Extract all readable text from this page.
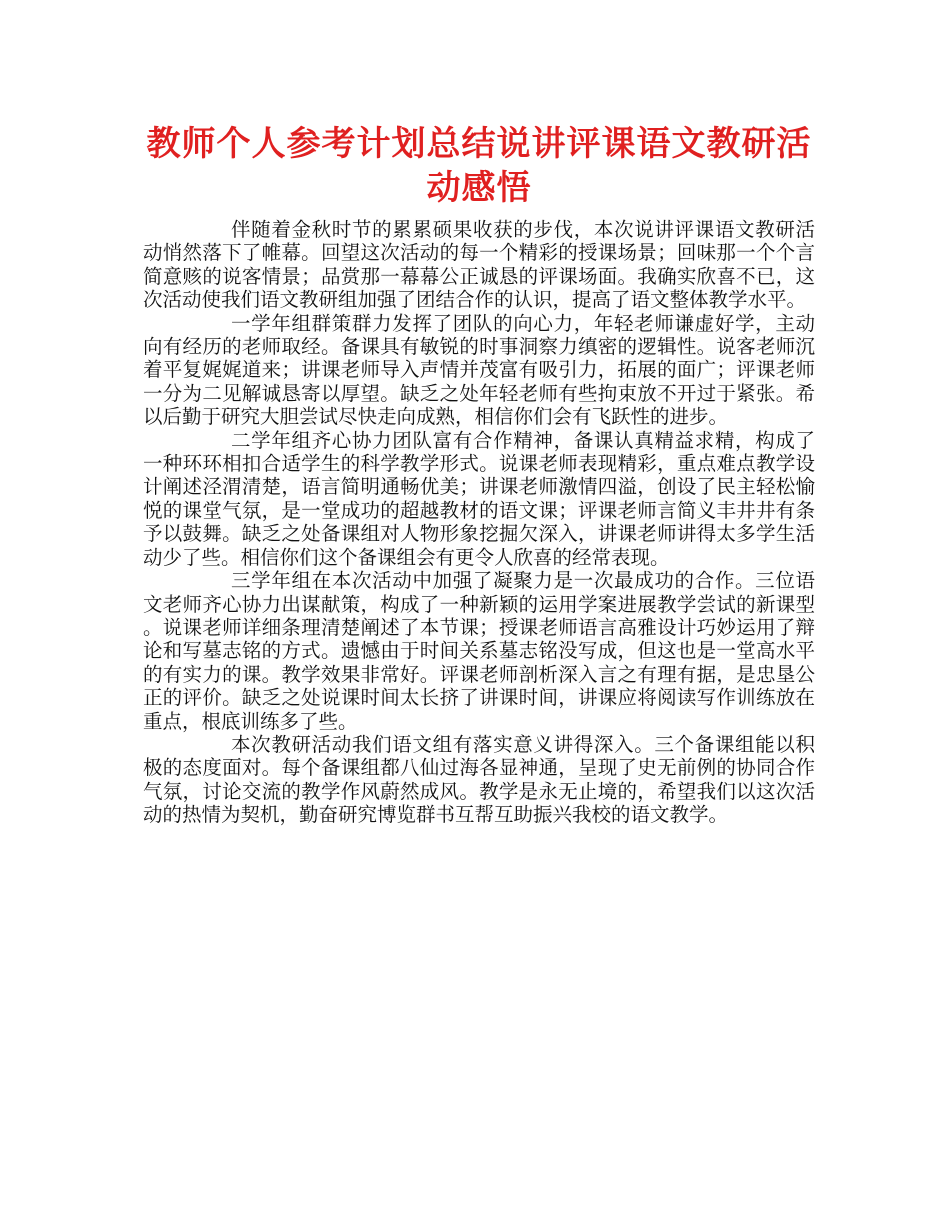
教师个人参考计划总结说讲评课语文教研活动感悟

伴随着金秋时节的累累硕果收获的步伐，本次说讲评课语文教研活动悄然落下了帷幕。回望这次活动的每一个精彩的授课场景；回味那一个个言简意赅的说客情景；品赏那一幕幕公正诚恳的评课场面。我确实欣喜不已，这次活动使我们语文教研组加强了团结合作的认识，提高了语文整体教学水平。

一学年组群策群力发挥了团队的向心力，年轻老师谦虚好学，主动向有经历的老师取经。备课具有敏锐的时事洞察力缜密的逻辑性。说客老师沉着平复娓娓道来；讲课老师导入声情并茂富有吸引力，拓展的面广；评课老师一分为二见解诚恳寄以厚望。缺乏之处年轻老师有些拘束放不开过于紧张。希以后勤于研究大胆尝试尽快走向成熟，相信你们会有飞跃性的进步。

二学年组齐心协力团队富有合作精神，备课认真精益求精，构成了一种环环相扣合适学生的科学教学形式。说课老师表现精彩，重点难点教学设计阐述泾渭清楚，语言简明通畅优美；讲课老师激情四溢，创设了民主轻松愉悦的课堂气氛，是一堂成功的超越教材的语文课；评课老师言简义丰井井有条予以鼓舞。缺乏之处备课组对人物形象挖掘欠深入，讲课老师讲得太多学生活动少了些。相信你们这个备课组会有更令人欣喜的经常表现。

三学年组在本次活动中加强了凝聚力是一次最成功的合作。三位语文老师齐心协力出谋献策，构成了一种新颖的运用学案进展教学尝试的新课型。说课老师详细条理清楚阐述了本节课；授课老师语言高雅设计巧妙运用了辩论和写墓志铭的方式。遗憾由于时间关系墓志铭没写成，但这也是一堂高水平的有实力的课。教学效果非常好。评课老师剖析深入言之有理有据，是忠垦公正的评价。缺乏之处说课时间太长挤了讲课时间，讲课应将阅读写作训练放在重点，根底训练多了些。

本次教研活动我们语文组有落实意义讲得深入。三个备课组能以积极的态度面对。每个备课组都八仙过海各显神通，呈现了史无前例的协同合作气氛，讨论交流的教学作风蔚然成风。教学是永无止境的，希望我们以这次活动的热情为契机，勤奋研究博览群书互帮互助振兴我校的语文教学。
